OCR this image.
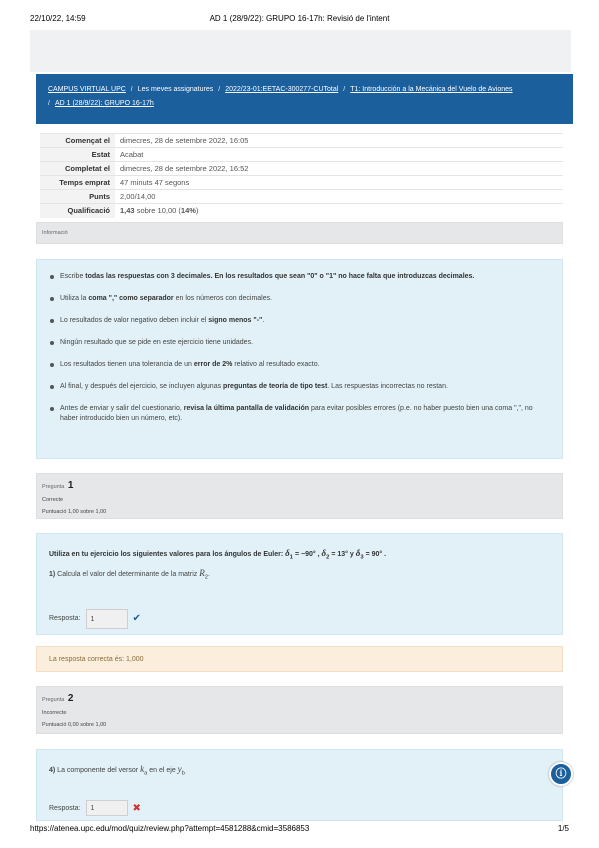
22/10/22, 14:59	AD 1 (28/9/22): GRUPO 16-17h: Revisió de l'intent
CAMPUS VIRTUAL UPC / Les meves assignatures / 2022/23-01:EETAC-300277-CUTotal / T1: Introducción a la Mecánica del Vuelo de Aviones
/ AD 1 (28/9/22): GRUPO 16-17h
Començat el	dimecres, 28 de setembre 2022, 16:05
Estat	Acabat
Completat el	dimecres, 28 de setembre 2022, 16:52
Temps emprat	47 minuts 47 segons
Punts	2,00/14,00
Qualificació	1,43 sobre 10,00 (14%)
Informació
Escribe todas las respuestas con 3 decimales. En los resultados que sean "0" o "1" no hace falta que introduzcas decimales.
Utiliza la coma "," como separador en los números con decimales.
Lo resultados de valor negativo deben incluir el signo menos "-".
Ningún resultado que se pide en este ejercicio tiene unidades.
Los resultados tienen una tolerancia de un error de 2% relativo al resultado exacto.
Al final, y después del ejercicio, se incluyen algunas preguntas de teoría de tipo test. Las respuestas incorrectas no restan.
Antes de enviar y salir del cuestionario, revisa la última pantalla de validación para evitar posibles errores (p.e. no haber puesto bien una coma ",", no haber introducido bien un número, etc).
Pregunta 1
Correcte
Puntuació 1,00 sobre 1,00
Utiliza en tu ejercicio los siguientes valores para los ángulos de Euler: $\delta_1 = -90^\circ$ , $\delta_2 = 13^\circ$ y $\delta_3 = 90^\circ$ .
1) Calcula el valor del determinante de la matriz $R_2$.
Resposta:	1	✔
La resposta correcta és: 1,000
Pregunta 2
Incorrecte
Puntuació 0,00 sobre 1,00
4) La componente del versor $k_a$ en el eje $y_b$
Resposta:	1	✖
ⓘ
https://atenea.upc.edu/mod/quiz/review.php?attempt=4581288&cmid=3586853	1/5
